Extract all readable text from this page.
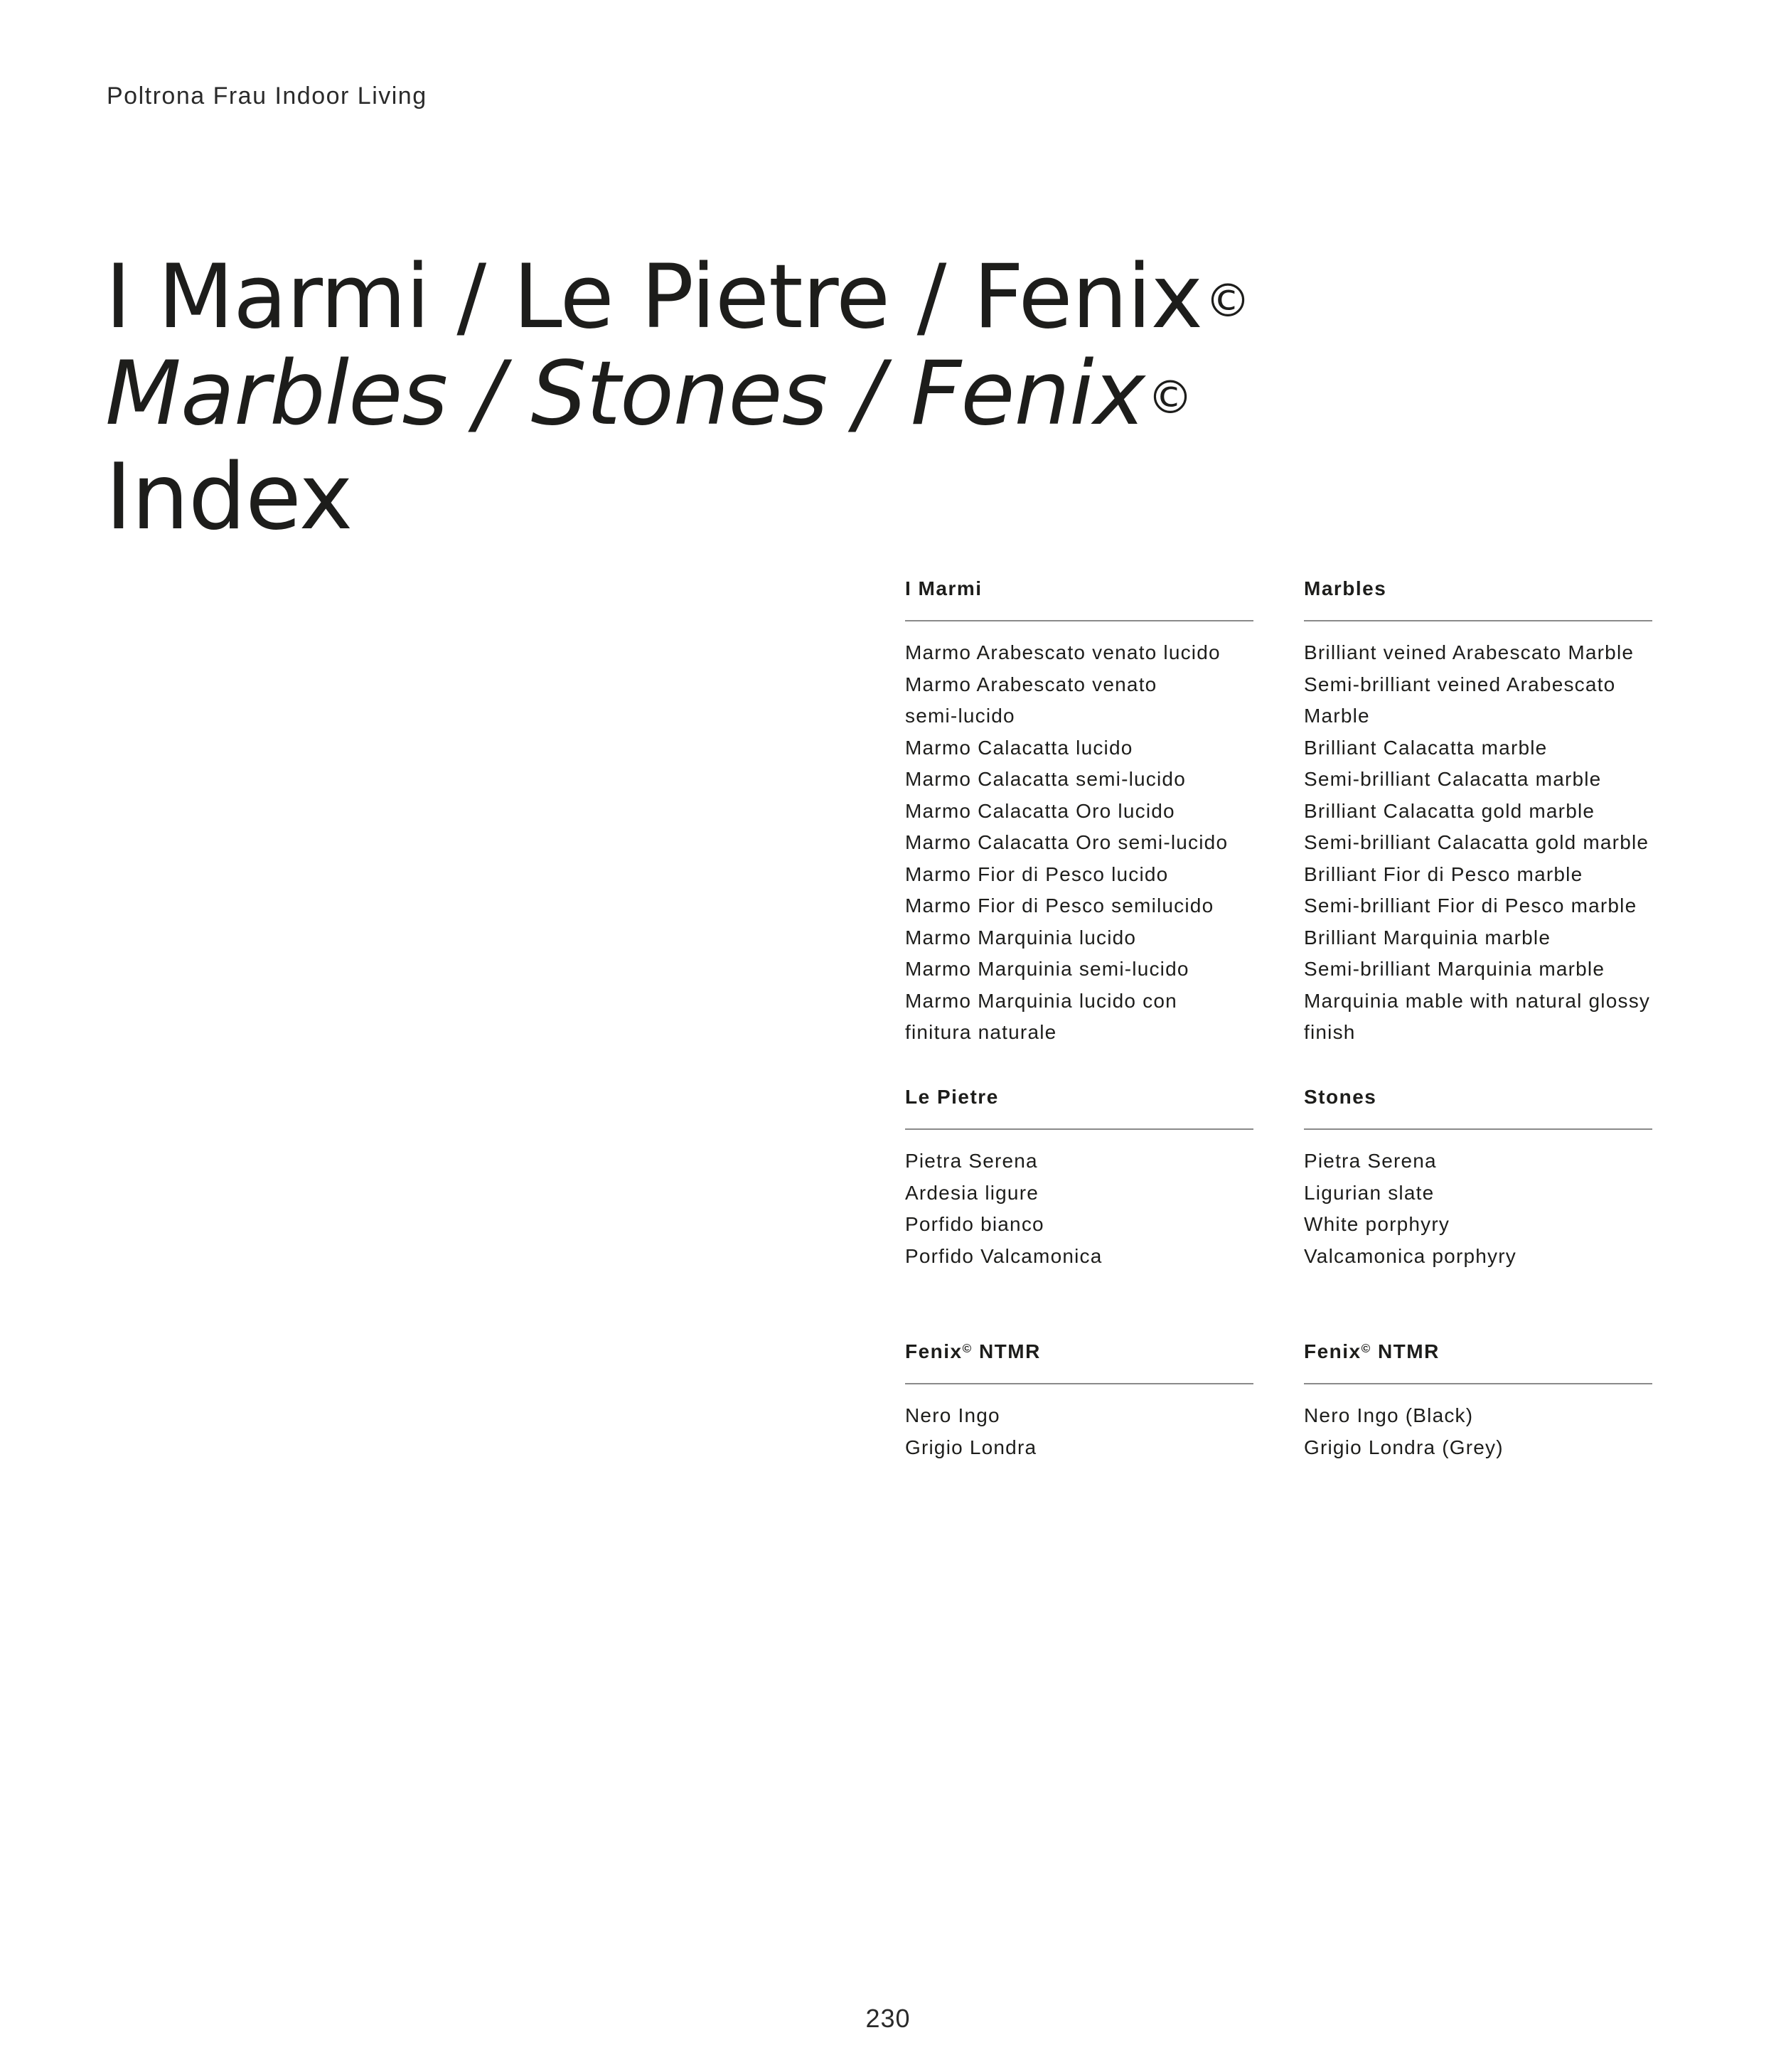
Poltrona Frau Indoor Living
I Marmi / Le Pietre / Fenix©
Marbles / Stones / Fenix©
Index
I Marmi
Marmo Arabescato venato lucido
Marmo Arabescato venato
semi-lucido
Marmo Calacatta lucido
Marmo Calacatta semi-lucido
Marmo Calacatta Oro lucido
Marmo Calacatta Oro semi-lucido
Marmo Fior di Pesco lucido
Marmo Fior di Pesco semilucido
Marmo Marquinia lucido
Marmo Marquinia semi-lucido
Marmo Marquinia lucido con
finitura naturale
Le Pietre
Pietra Serena
Ardesia ligure
Porfido bianco
Porfido Valcamonica
Fenix© NTMR
Nero Ingo
Grigio Londra
Marbles
Brilliant veined Arabescato Marble
Semi-brilliant veined Arabescato
Marble
Brilliant Calacatta marble
Semi-brilliant Calacatta marble
Brilliant Calacatta gold marble
Semi-brilliant Calacatta gold marble
Brilliant Fior di Pesco marble
Semi-brilliant Fior di Pesco marble
Brilliant Marquinia marble
Semi-brilliant Marquinia marble
Marquinia mable with natural glossy
finish
Stones
Pietra Serena
Ligurian slate
White porphyry
Valcamonica porphyry
Fenix© NTMR
Nero Ingo (Black)
Grigio Londra (Grey)
230
